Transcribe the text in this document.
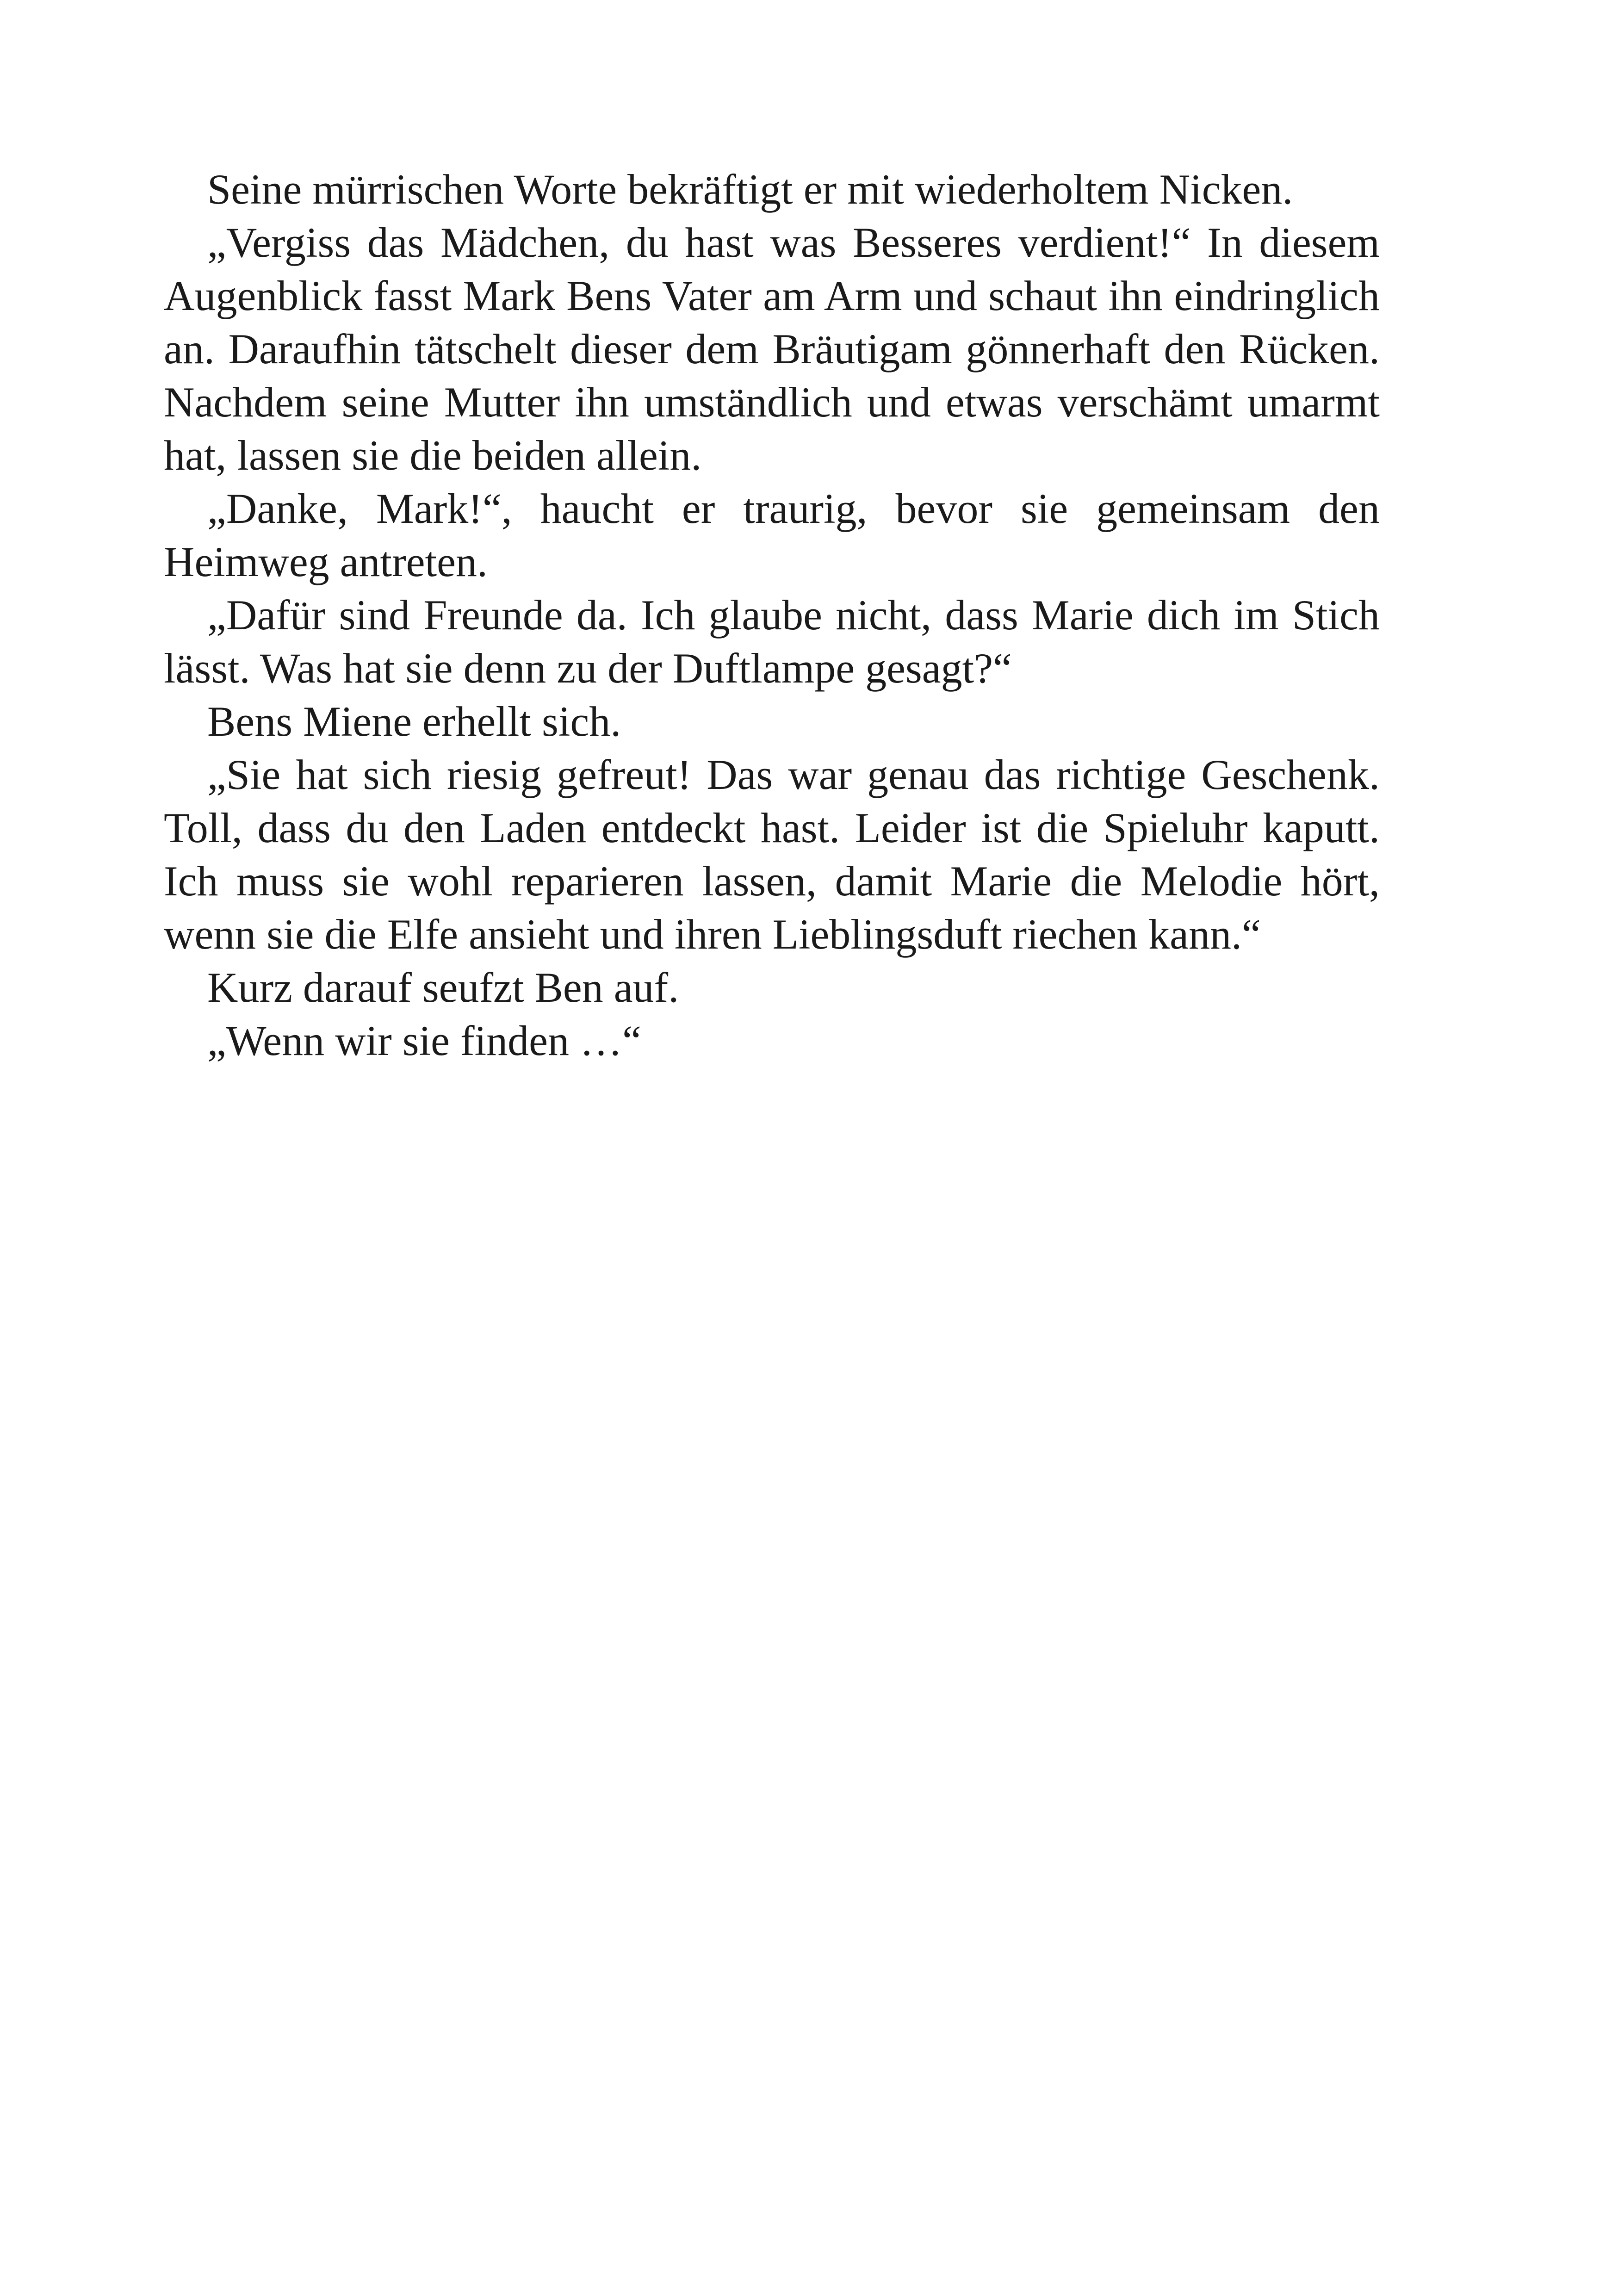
Seine mürrischen Worte bekräftigt er mit wiederholtem Nicken.

„Vergiss das Mädchen, du hast was Besseres verdient!“ In diesem Augenblick fasst Mark Bens Vater am Arm und schaut ihn eindringlich an. Daraufhin tätschelt dieser dem Bräutigam gönnerhaft den Rücken. Nachdem seine Mutter ihn umständlich und etwas verschämt umarmt hat, lassen sie die beiden allein.

„Danke, Mark!“, haucht er traurig, bevor sie gemeinsam den Heimweg antreten.

„Dafür sind Freunde da. Ich glaube nicht, dass Marie dich im Stich lässt. Was hat sie denn zu der Duftlampe gesagt?“

Bens Miene erhellt sich.

„Sie hat sich riesig gefreut! Das war genau das richtige Geschenk. Toll, dass du den Laden entdeckt hast. Leider ist die Spieluhr kaputt. Ich muss sie wohl reparieren lassen, damit Marie die Melodie hört, wenn sie die Elfe ansieht und ihren Lieblingsduft riechen kann.“

Kurz darauf seufzt Ben auf.

„Wenn wir sie finden …“
